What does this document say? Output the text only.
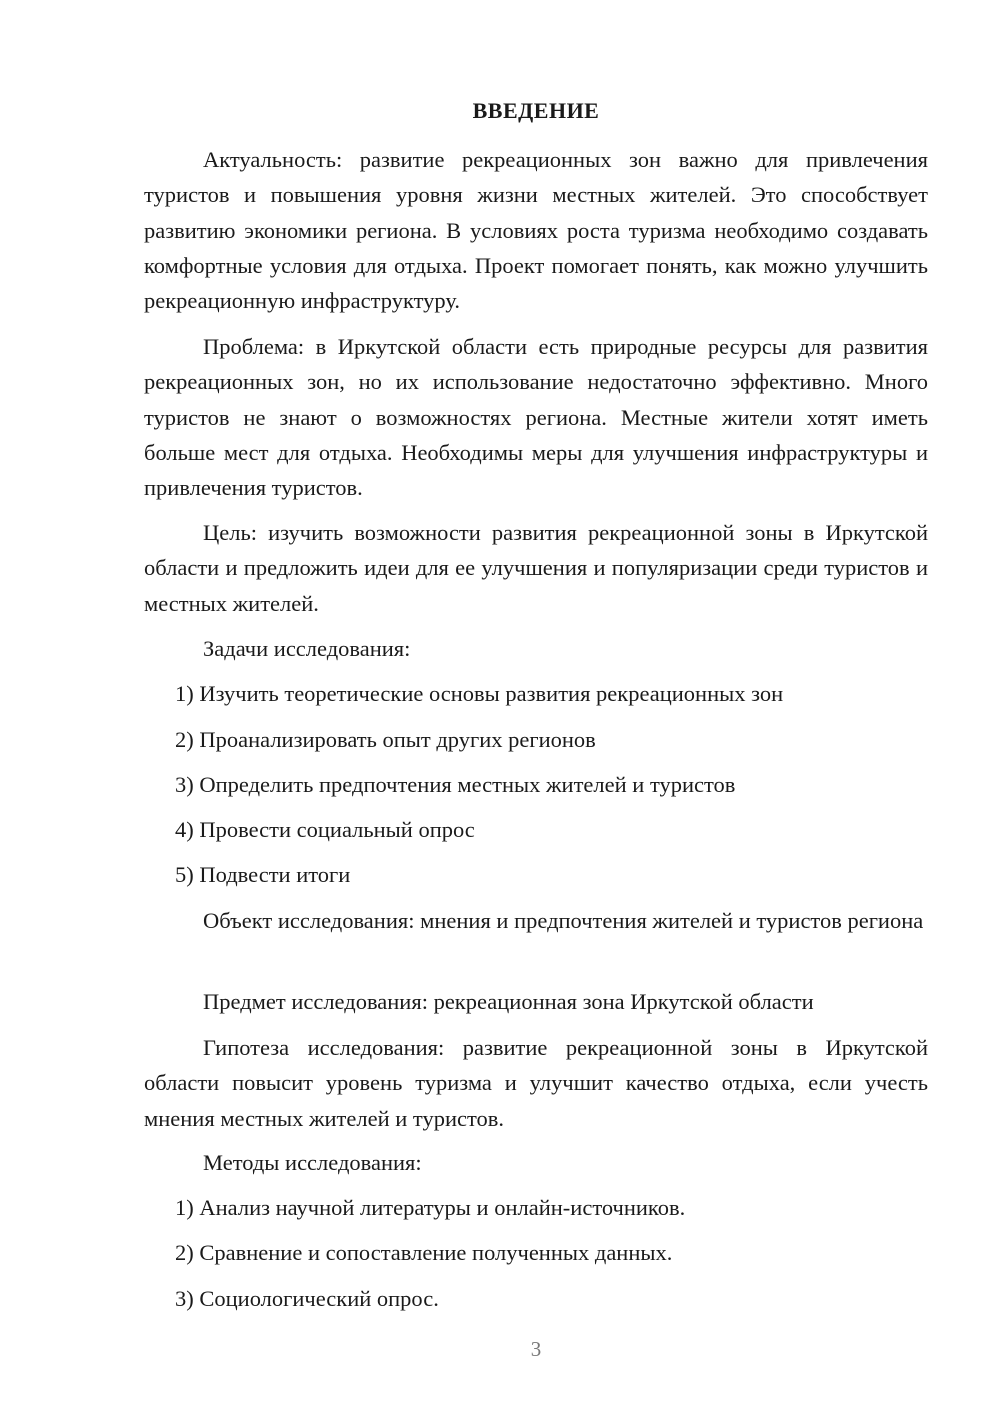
ВВЕДЕНИЕ

Актуальность: развитие рекреационных зон важно для привлечения туристов и повышения уровня жизни местных жителей. Это способствует развитию экономики региона. В условиях роста туризма необходимо создавать комфортные условия для отдыха. Проект помогает понять, как можно улучшить рекреационную инфраструктуру.

Проблема: в Иркутской области есть природные ресурсы для развития рекреационных зон, но их использование недостаточно эффективно. Много туристов не знают о возможностях региона. Местные жители хотят иметь больше мест для отдыха. Необходимы меры для улучшения инфраструктуры и привлечения туристов.

Цель: изучить возможности развития рекреационной зоны в Иркутской области и предложить идеи для ее улучшения и популяризации среди туристов и местных жителей.

Задачи исследования:
1) Изучить теоретические основы развития рекреационных зон
2) Проанализировать опыт других регионов
3) Определить предпочтения местных жителей и туристов
4) Провести социальный опрос
5) Подвести итоги

Объект исследования: мнения и предпочтения жителей и туристов региона

Предмет исследования: рекреационная зона Иркутской области

Гипотеза исследования: развитие рекреационной зоны в Иркутской области повысит уровень туризма и улучшит качество отдыха, если учесть мнения местных жителей и туристов.

Методы исследования:
1) Анализ научной литературы и онлайн-источников.
2) Сравнение и сопоставление полученных данных.
3) Социологический опрос.
3
